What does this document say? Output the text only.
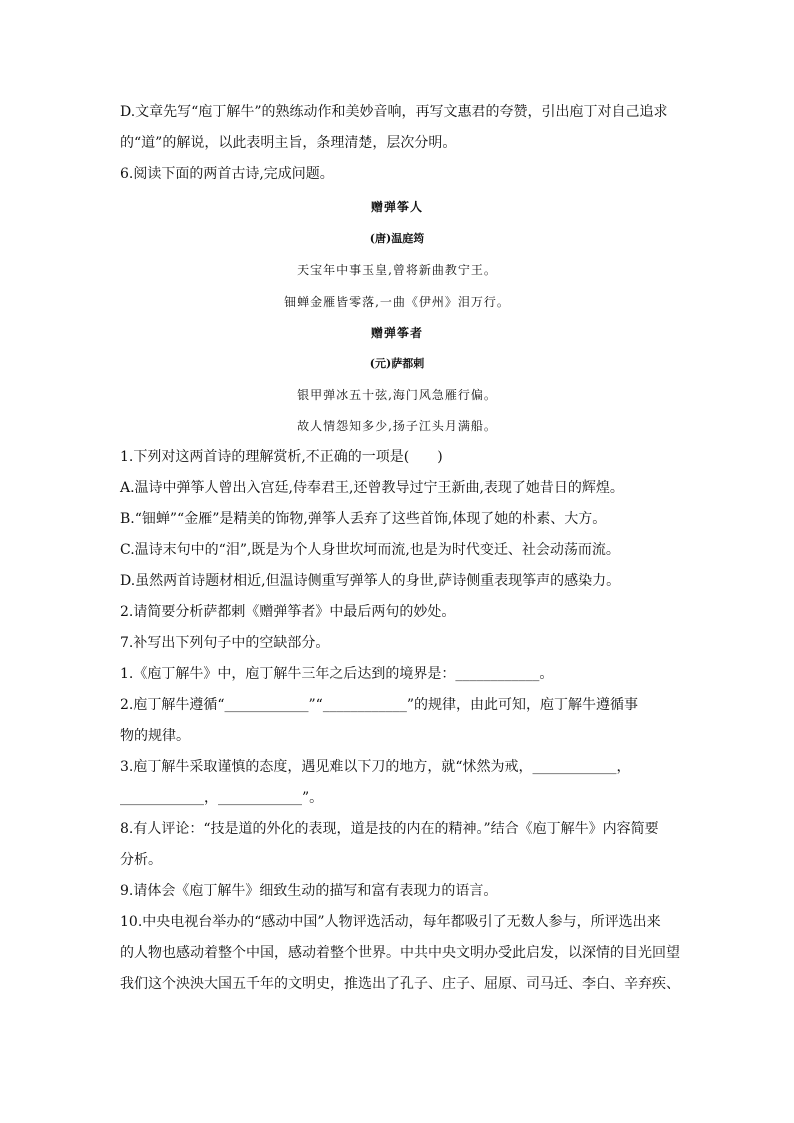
D.文章先写“庖丁解牛”的熟练动作和美妙音响，再写文惠君的夸赞，引出庖丁对自己追求
的“道”的解说，以此表明主旨，条理清楚，层次分明。
6.阅读下面的两首古诗,完成问题。
赠弹筝人
(唐)温庭筠
天宝年中事玉皇,曾将新曲教宁王。
钿蝉金雁皆零落,一曲《伊州》泪万行。
赠弹筝者
(元)萨都剌
银甲弹冰五十弦,海门风急雁行偏。
故人情怨知多少,扬子江头月满船。
1.下列对这两首诗的理解赏析,不正确的一项是(　　)
A.温诗中弹筝人曾出入宫廷,侍奉君王,还曾教导过宁王新曲,表现了她昔日的辉煌。
B.“钿蝉”“金雁”是精美的饰物,弹筝人丢弃了这些首饰,体现了她的朴素、大方。
C.温诗末句中的“泪”,既是为个人身世坎坷而流,也是为时代变迁、社会动荡而流。
D.虽然两首诗题材相近,但温诗侧重写弹筝人的身世,萨诗侧重表现筝声的感染力。
2.请简要分析萨都剌《赠弹筝者》中最后两句的妙处。
7.补写出下列句子中的空缺部分。
1.《庖丁解牛》中，庖丁解牛三年之后达到的境界是：____________。
2.庖丁解牛遵循“____________”“____________”的规律，由此可知，庖丁解牛遵循事
物的规律。
3.庖丁解牛采取谨慎的态度，遇见难以下刀的地方，就“怵然为戒，____________，
____________，____________”。
8.有人评论：“技是道的外化的表现，道是技的内在的精神。”结合《庖丁解牛》内容简要
分析。
9.请体会《庖丁解牛》细致生动的描写和富有表现力的语言。
10.中央电视台举办的“感动中国”人物评选活动，每年都吸引了无数人参与，所评选出来
的人物也感动着整个中国，感动着整个世界。中共中央文明办受此启发，以深情的目光回望
我们这个泱泱大国五千年的文明史，推选出了孔子、庄子、屈原、司马迁、李白、辛弃疾、
